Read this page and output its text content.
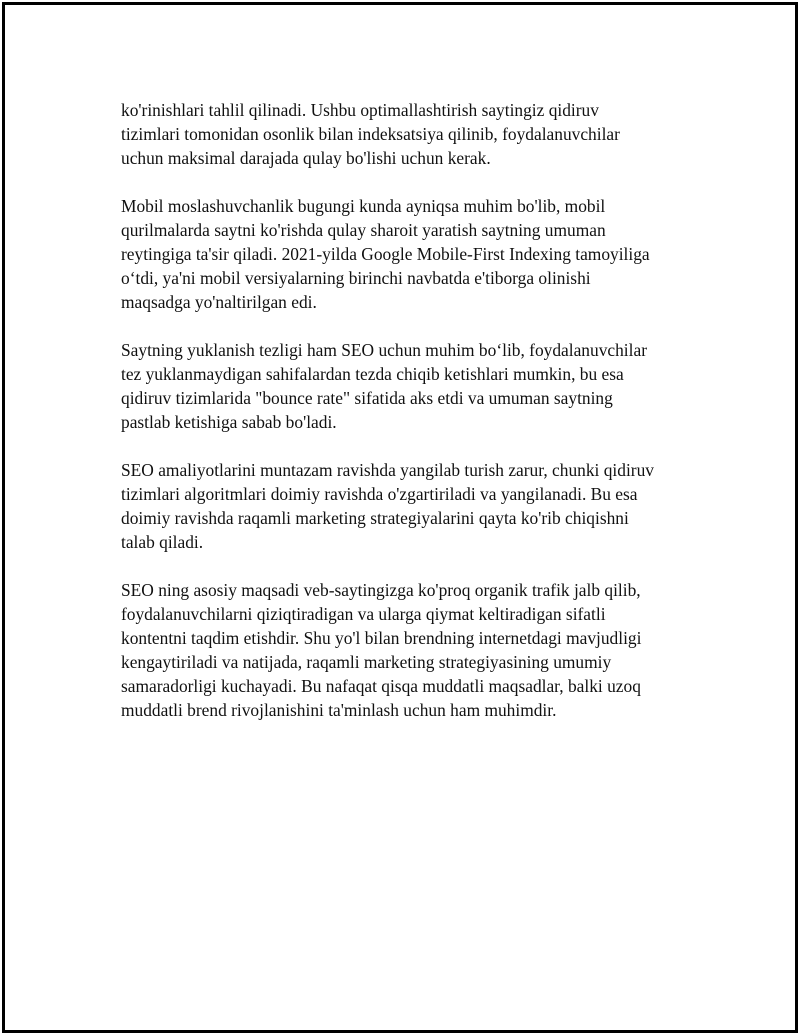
ko'rinishlari tahlil qilinadi. Ushbu optimallashtirish saytingiz qidiruv
tizimlari tomonidan osonlik bilan indeksatsiya qilinib, foydalanuvchilar
uchun maksimal darajada qulay bo'lishi uchun kerak.

Mobil moslashuvchanlik bugungi kunda ayniqsa muhim bo'lib, mobil
qurilmalarda saytni ko'rishda qulay sharoit yaratish saytning umuman
reytingiga ta'sir qiladi. 2021-yilda Google Mobile-First Indexing tamoyiliga
o‘tdi, ya'ni mobil versiyalarning birinchi navbatda e'tiborga olinishi
maqsadga yo'naltirilgan edi.

Saytning yuklanish tezligi ham SEO uchun muhim bo‘lib, foydalanuvchilar
tez yuklanmaydigan sahifalardan tezda chiqib ketishlari mumkin, bu esa
qidiruv tizimlarida "bounce rate" sifatida aks etdi va umuman saytning
pastlab ketishiga sabab bo'ladi.

SEO amaliyotlarini muntazam ravishda yangilab turish zarur, chunki qidiruv
tizimlari algoritmlari doimiy ravishda o'zgartiriladi va yangilanadi. Bu esa
doimiy ravishda raqamli marketing strategiyalarini qayta ko'rib chiqishni
talab qiladi.

SEO ning asosiy maqsadi veb-saytingizga ko'proq organik trafik jalb qilib,
foydalanuvchilarni qiziqtiradigan va ularga qiymat keltiradigan sifatli
kontentni taqdim etishdir. Shu yo'l bilan brendning internetdagi mavjudligi
kengaytiriladi va natijada, raqamli marketing strategiyasining umumiy
samaradorligi kuchayadi. Bu nafaqat qisqa muddatli maqsadlar, balki uzoq
muddatli brend rivojlanishini ta'minlash uchun ham muhimdir.
